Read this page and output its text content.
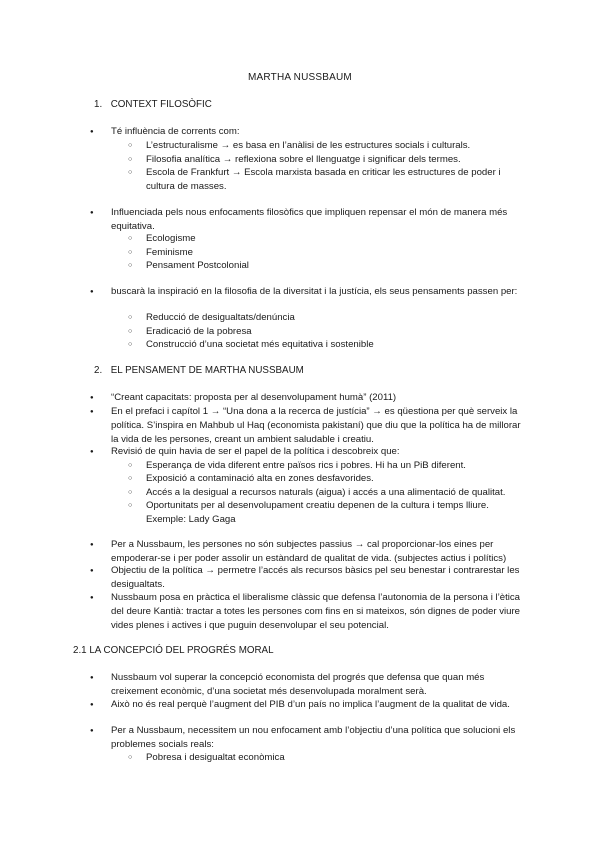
MARTHA NUSSBAUM
1. CONTEXT FILOSÒFIC
● Té influència de corrents com:
○ L’estructuralisme → es basa en l’anàlisi de les estructures socials i culturals.
○ Filosofia analítica → reflexiona sobre el llenguatge i significar dels termes.
○ Escola de Frankfurt → Escola marxista basada en criticar les estructures de poder i cultura de masses.
● Influenciada pels nous enfocaments filosòfics que impliquen repensar el món de manera més equitativa.
○ Ecologisme
○ Feminisme
○ Pensament Postcolonial
● buscarà la inspiració en la filosofia de la diversitat i la justícia, els seus pensaments passen per:
○ Reducció de desigualtats/denúncia
○ Eradicació de la pobresa
○ Construcció d’una societat més equitativa i sostenible
2. EL PENSAMENT DE MARTHA NUSSBAUM
● “Creant capacitats: proposta per al desenvolupament humà” (2011)
● En el prefaci i capítol 1 → “Una dona a la recerca de justícia” → es qüestiona per què serveix la política. S’inspira en Mahbub ul Haq (economista pakistaní) que diu que la política ha de millorar la vida de les persones, creant un ambient saludable i creatiu.
● Revisió de quin havia de ser el papel de la política i descobreix que:
○ Esperança de vida diferent entre països rics i pobres. Hi ha un PiB diferent.
○ Exposició a contaminació alta en zones desfavorides.
○ Accés a la desigual a recursos naturals (aigua) i accés a una alimentació de qualitat.
○ Oportunitats per al desenvolupament creatiu depenen de la cultura i temps lliure. Exemple: Lady Gaga
● Per a Nussbaum, les persones no són subjectes passius → cal proporcionar-los eines per empoderar-se i per poder assolir un estàndard de qualitat de vida. (subjectes actius i polítics)
● Objectiu de la política → permetre l’accés als recursos bàsics pel seu benestar i contrarestar les desigualtats.
● Nussbaum posa en pràctica el liberalisme clàssic que defensa l’autonomia de la persona i l’ètica del deure Kantià: tractar a totes les persones com fins en si mateixos, són dignes de poder viure vides plenes i actives i que puguin desenvolupar el seu potencial.
2.1 LA CONCEPCIÓ DEL PROGRÉS MORAL
● Nussbaum vol superar la concepció economista del progrés que defensa que quan més creixement econòmic, d’una societat més desenvolupada moralment serà.
● Això no és real perquè l’augment del PIB d’un país no implica l’augment de la qualitat de vida.
● Per a Nussbaum, necessitem un nou enfocament amb l’objectiu d’una política que solucioni els problemes socials reals:
○ Pobresa i desigualtat econòmica
